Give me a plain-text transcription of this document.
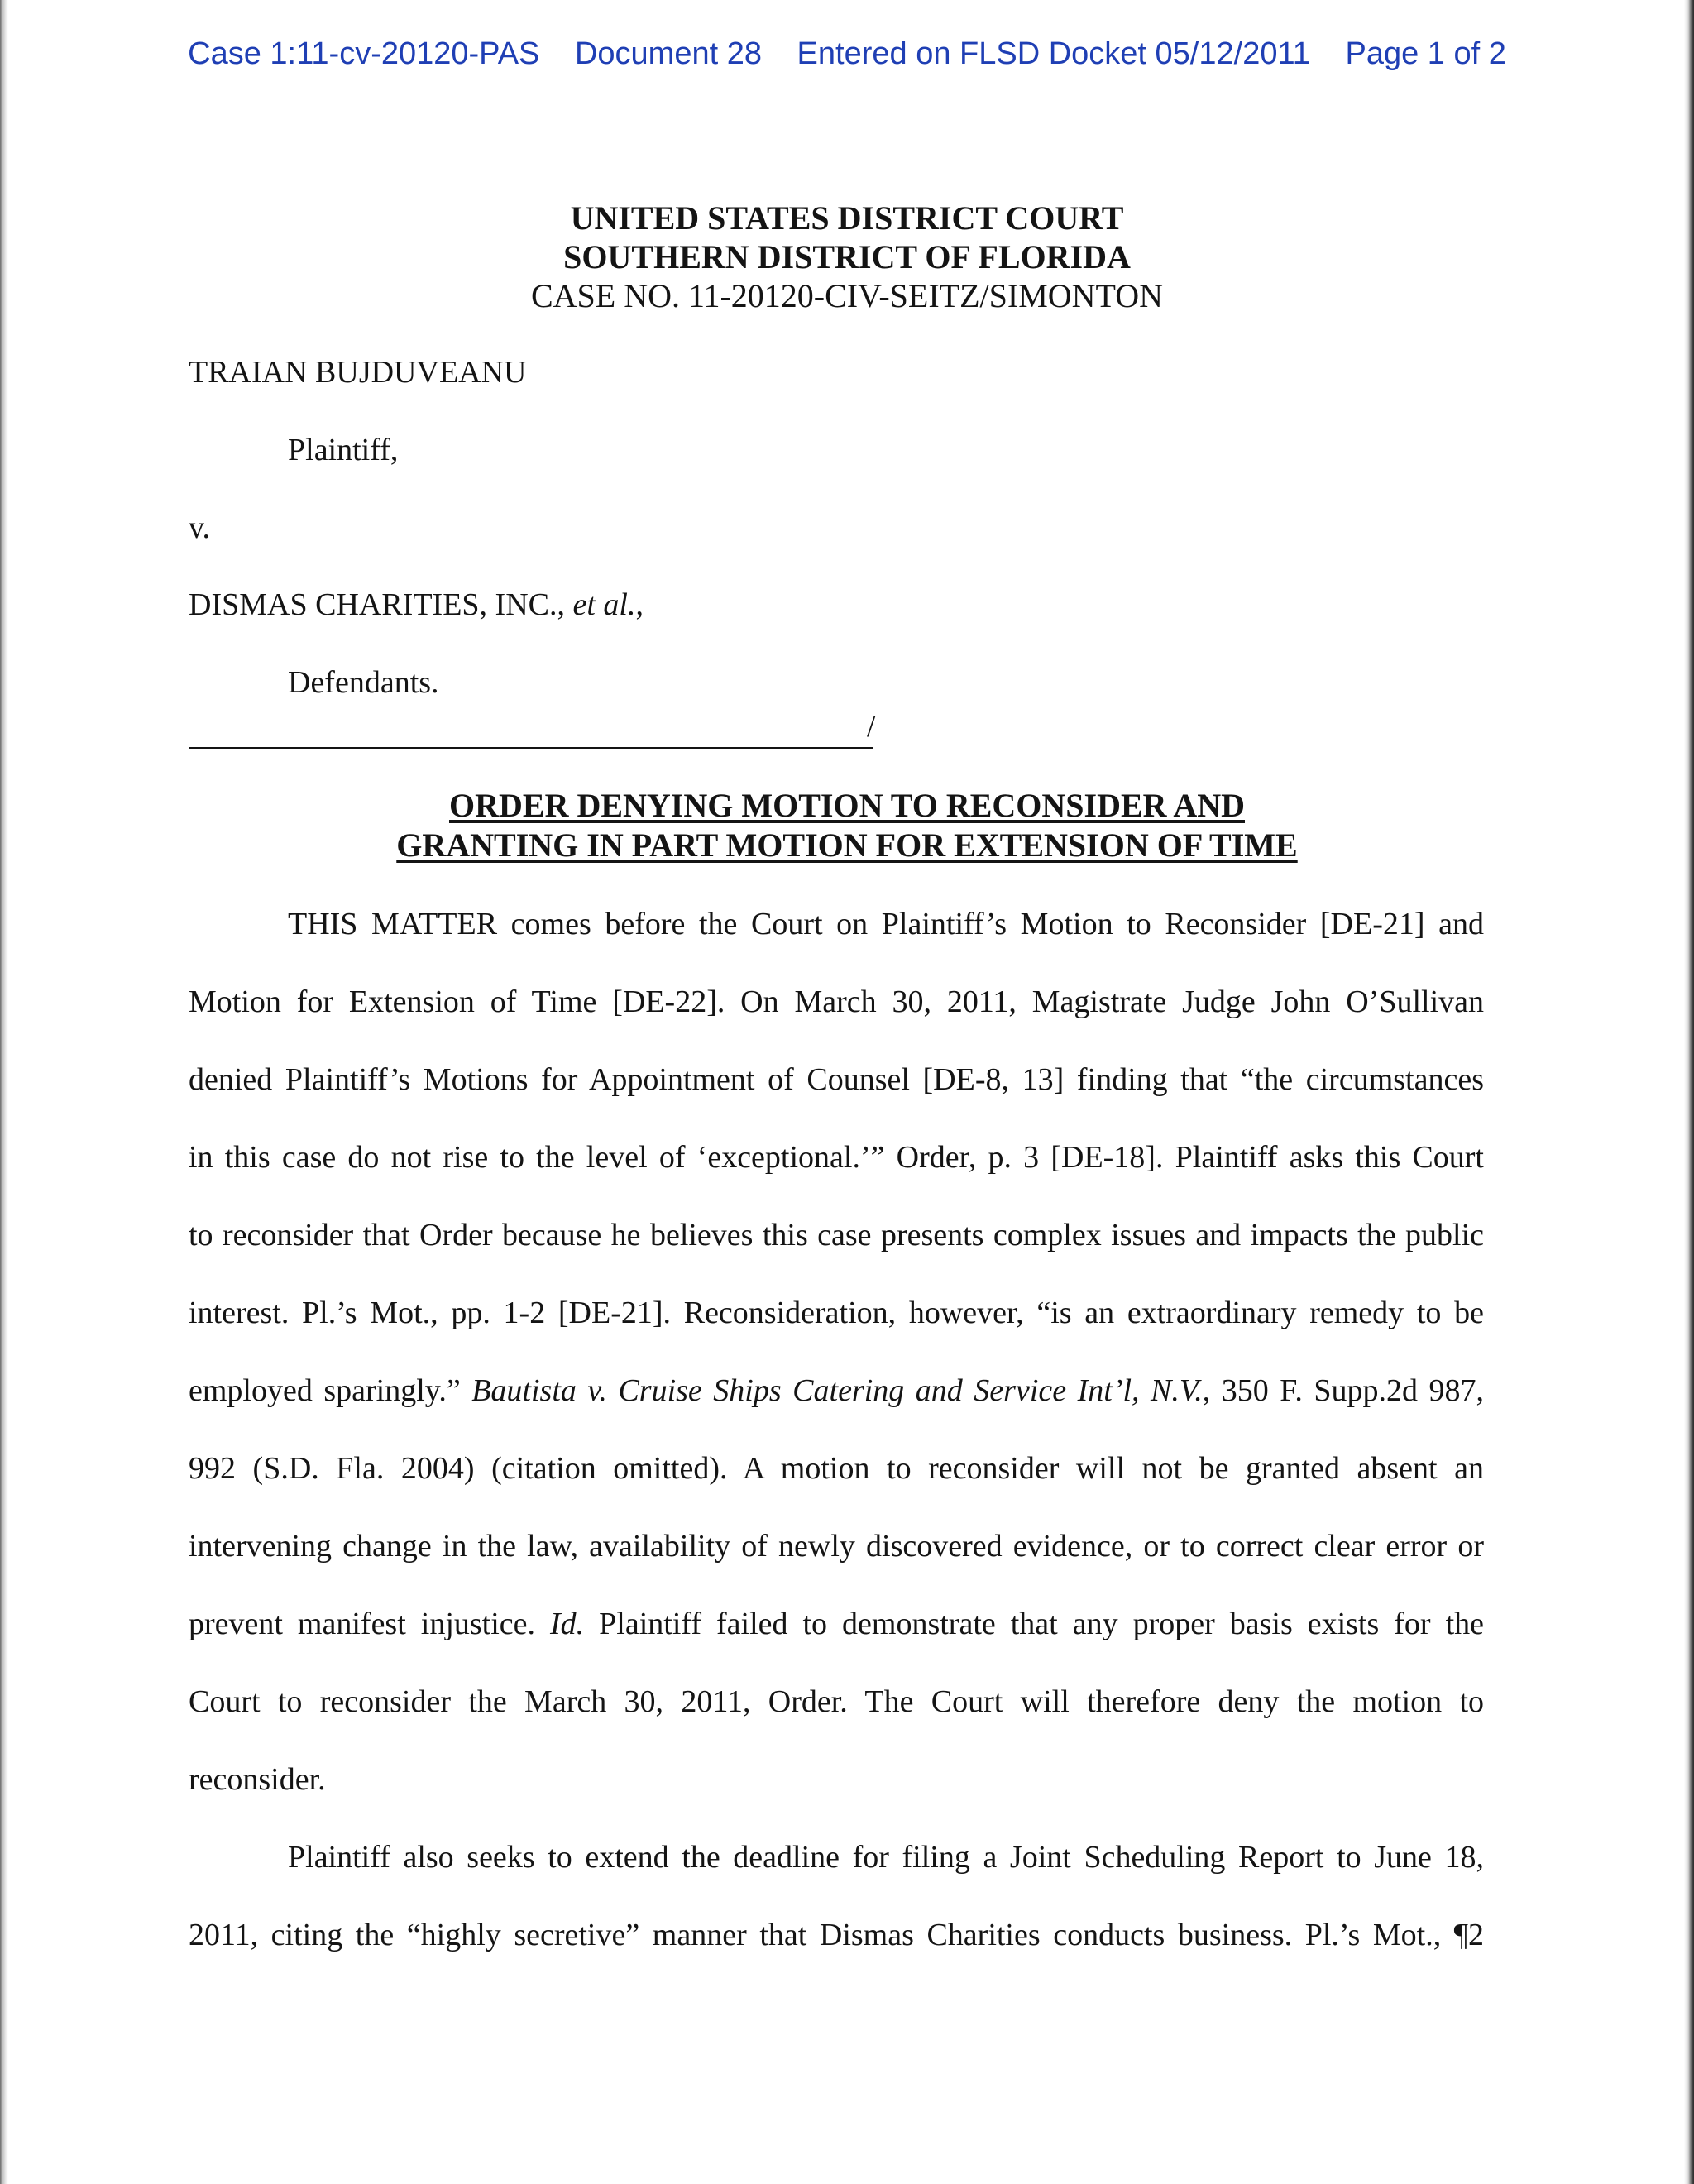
Case 1:11-cv-20120-PAS Document 28 Entered on FLSD Docket 05/12/2011 Page 1 of 2
UNITED STATES DISTRICT COURT
SOUTHERN DISTRICT OF FLORIDA
CASE NO. 11-20120-CIV-SEITZ/SIMONTON
TRAIAN BUJDUVEANU
Plaintiff,
v.
DISMAS CHARITIES, INC., et al.,
Defendants.
/
ORDER DENYING MOTION TO RECONSIDER AND
GRANTING IN PART MOTION FOR EXTENSION OF TIME
THIS MATTER comes before the Court on Plaintiff’s Motion to Reconsider [DE-21] and
Motion for Extension of Time [DE-22]. On March 30, 2011, Magistrate Judge John O’Sullivan
denied Plaintiff’s Motions for Appointment of Counsel [DE-8, 13] finding that “the circumstances
in this case do not rise to the level of ‘exceptional.’” Order, p. 3 [DE-18]. Plaintiff asks this Court
to reconsider that Order because he believes this case presents complex issues and impacts the public
interest. Pl.’s Mot., pp. 1-2 [DE-21]. Reconsideration, however, “is an extraordinary remedy to be
employed sparingly.” Bautista v. Cruise Ships Catering and Service Int’l, N.V., 350 F. Supp.2d 987,
992 (S.D. Fla. 2004) (citation omitted). A motion to reconsider will not be granted absent an
intervening change in the law, availability of newly discovered evidence, or to correct clear error or
prevent manifest injustice. Id. Plaintiff failed to demonstrate that any proper basis exists for the
Court to reconsider the March 30, 2011, Order. The Court will therefore deny the motion to
reconsider.
Plaintiff also seeks to extend the deadline for filing a Joint Scheduling Report to June 18,
2011, citing the “highly secretive” manner that Dismas Charities conducts business. Pl.’s Mot., ¶2
